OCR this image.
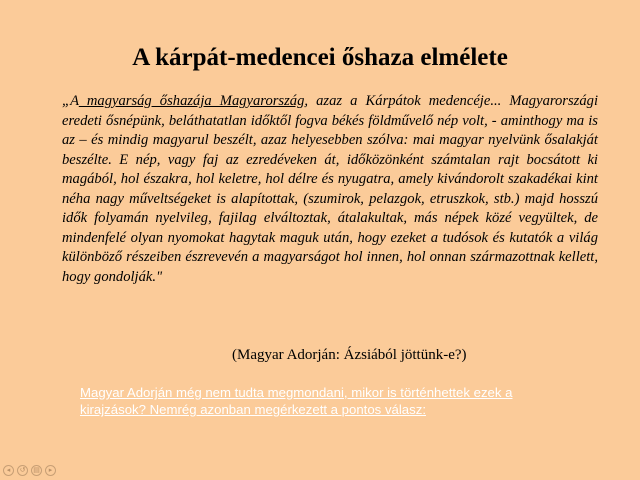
A kárpát-medencei őshaza elmélete

„A magyarság őshazája Magyarország, azaz a Kárpátok medencéje... Magyarországi eredeti ősnépünk, beláthatatlan időktől fogva békés földművelő nép volt, - aminthogy ma is az – és mindig magyarul beszélt, azaz helyesebben szólva: mai magyar nyelvünk ősalakját beszélte. E nép, vagy faj az ezredéveken át, időközönként számtalan rajt bocsátott ki magából, hol északra, hol keletre, hol délre és nyugatra, amely kivándorolt szakadékai kint néha nagy műveltségeket is alapítottak, (szumirok, pelazgok, etruszkok, stb.) majd hosszú idők folyamán nyelvileg, fajilag elváltoztak, átalakultak, más népek közé vegyültek, de mindenfelé olyan nyomokat hagytak maguk után, hogy ezeket a tudósok és kutatók a világ különböző részeiben észrevevén a magyarságot hol innen, hol onnan származottnak kellett, hogy gondolják."

(Magyar Adorján: Ázsiából jöttünk-e?)
Magyar Adorján még nem tudta megmondani, mikor is történhettek ezek a kirajzások? Nemrég azonban megérkezett a pontos válasz:
◂	↺	▤	▸
